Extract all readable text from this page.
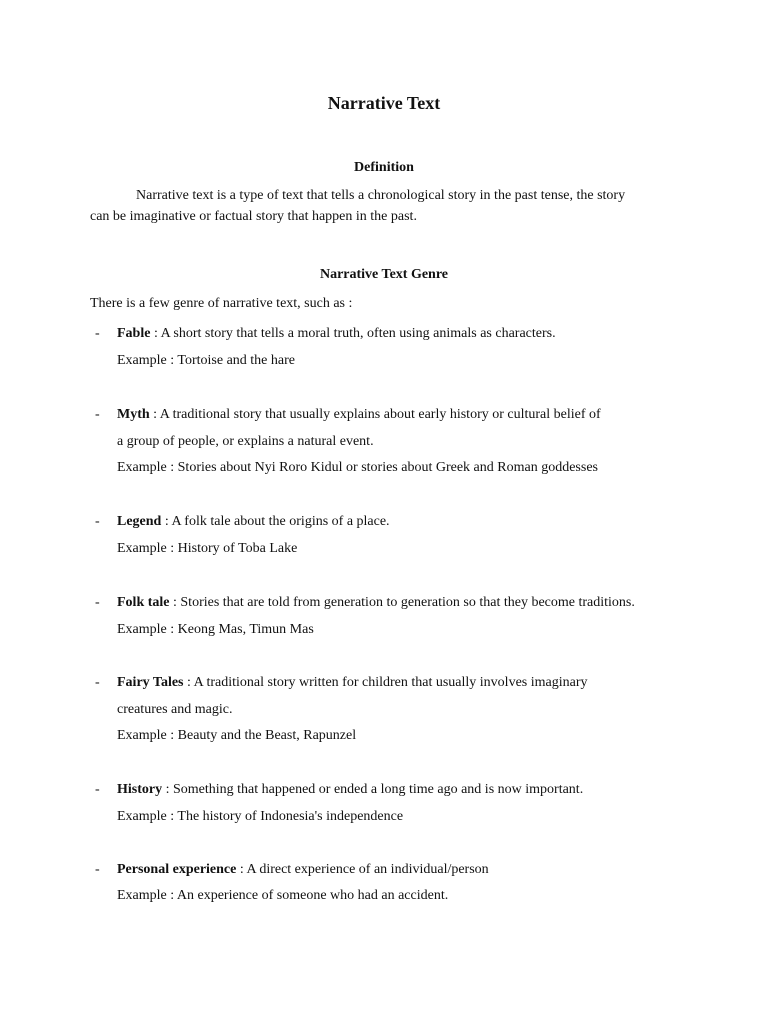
Narrative Text
Definition
Narrative text is a type of text that tells a chronological story in the past tense, the story
can be imaginative or factual story that happen in the past.
Narrative Text Genre
There is a few genre of narrative text, such as :
- Fable : A short story that tells a moral truth, often using animals as characters.
Example : Tortoise and the hare
- Myth : A traditional story that usually explains about early history or cultural belief of
a group of people, or explains a natural event.
Example : Stories about Nyi Roro Kidul or stories about Greek and Roman goddesses
- Legend : A folk tale about the origins of a place.
Example : History of Toba Lake
- Folk tale : Stories that are told from generation to generation so that they become traditions.
Example : Keong Mas, Timun Mas
- Fairy Tales : A traditional story written for children that usually involves imaginary
creatures and magic.
Example : Beauty and the Beast, Rapunzel
- History : Something that happened or ended a long time ago and is now important.
Example : The history of Indonesia's independence
- Personal experience : A direct experience of an individual/person
Example : An experience of someone who had an accident.
